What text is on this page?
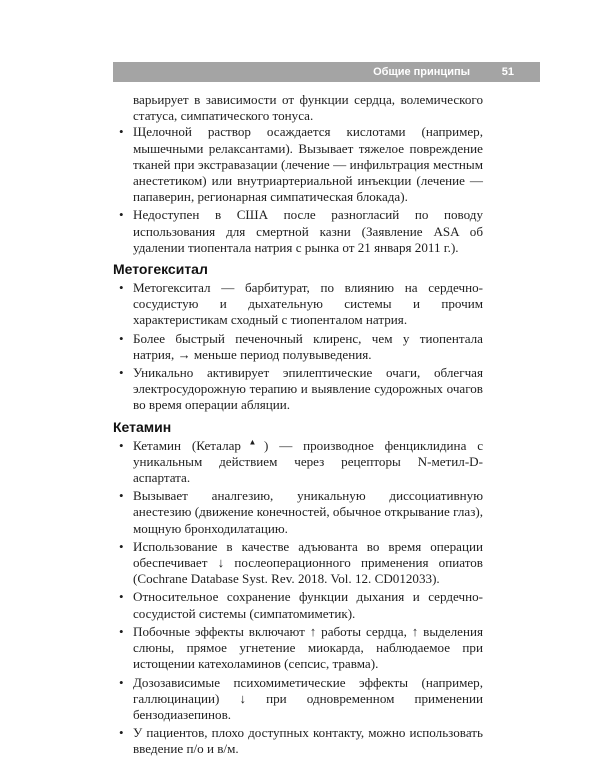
Общие принципы	51
варьирует в зависимости от функции сердца, волемического статуса, симпатического тонуса.
• Щелочной раствор осаждается кислотами (например, мышечными релаксантами). Вызывает тяжелое повреждение тканей при экстравазации (лечение — инфильтрация местным анестетиком) или внутриартериальной инъекции (лечение — папаверин, регионарная симпатическая блокада).
• Недоступен в США после разногласий по поводу использования для смертной казни (Заявление ASA об удалении тиопентала натрия с рынка от 21 января 2011 г.).
Метогекситал
• Метогекситал — барбитурат, по влиянию на сердечно-сосудистую и дыхательную системы и прочим характеристикам сходный с тиопенталом натрия.
• Более быстрый печеночный клиренс, чем у тиопентала натрия, → меньше период полувыведения.
• Уникально активирует эпилептические очаги, облегчая электросудорожную терапию и выявление судорожных очагов во время операции абляции.
Кетамин
• Кетамин (Кеталар▲) — производное фенциклидина с уникальным действием через рецепторы N-метил-D-аспартата.
• Вызывает аналгезию, уникальную диссоциативную анестезию (движение конечностей, обычное открывание глаз), мощную бронходилатацию.
• Использование в качестве адъюванта во время операции обеспечивает ↓ послеоперационного применения опиатов (Cochrane Database Syst. Rev. 2018. Vol. 12. CD012033).
• Относительное сохранение функции дыхания и сердечно-сосудистой системы (симпатомиметик).
• Побочные эффекты включают ↑ работы сердца, ↑ выделения слюны, прямое угнетение миокарда, наблюдаемое при истощении катехоламинов (сепсис, травма).
• Дозозависимые психомиметические эффекты (например, галлюцинации) ↓ при одновременном применении бензодиазепинов.
• У пациентов, плохо доступных контакту, можно использовать введение п/о и в/м.
